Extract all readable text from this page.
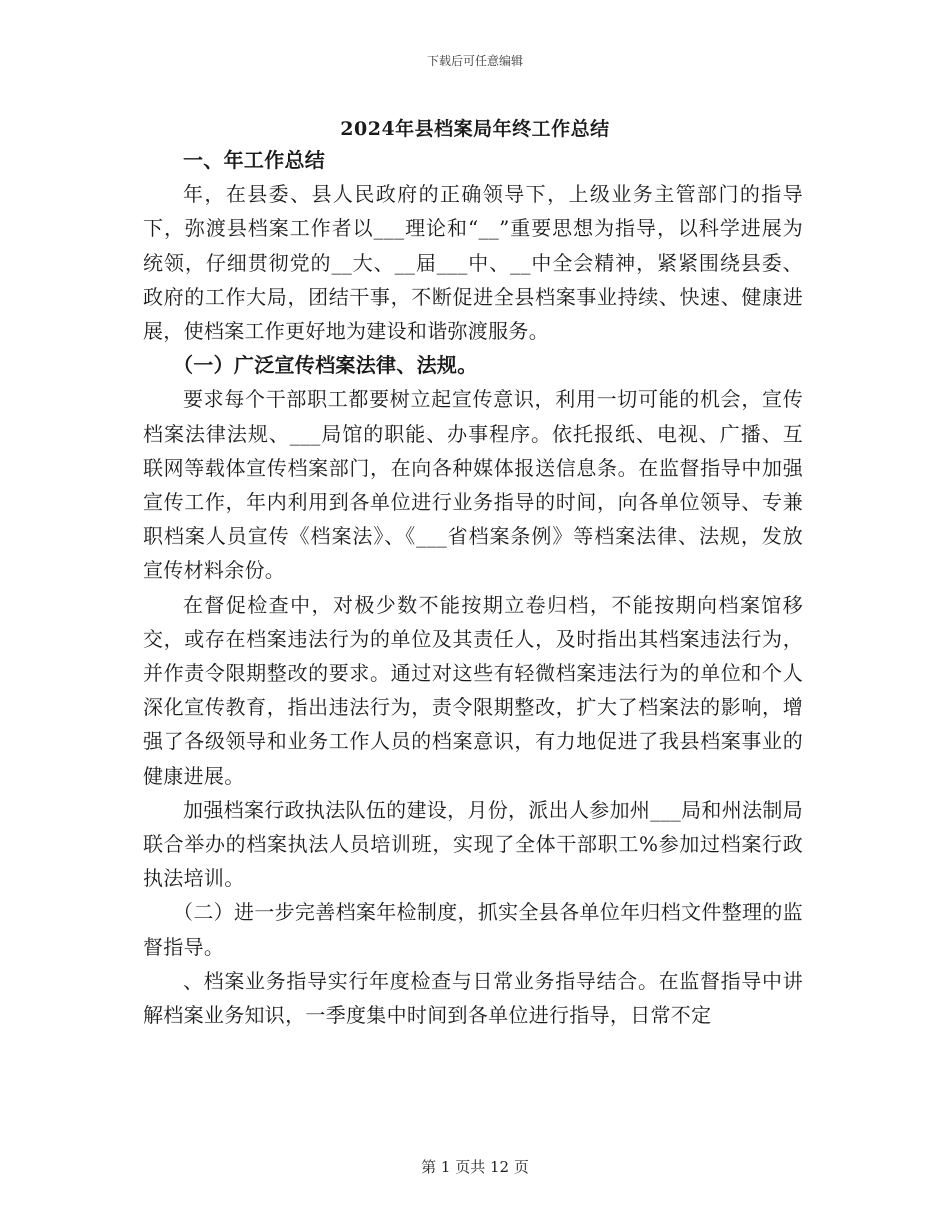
下载后可任意编辑
2024年县档案局年终工作总结

一、年工作总结

年，在县委、县人民政府的正确领导下，上级业务主管部门的指导下，弥渡县档案工作者以___理论和“__”重要思想为指导，以科学进展为统领，仔细贯彻党的__大、__届___中、__中全会精神，紧紧围绕县委、政府的工作大局，团结干事，不断促进全县档案事业持续、快速、健康进展，使档案工作更好地为建设和谐弥渡服务。

（一）广泛宣传档案法律、法规。

要求每个干部职工都要树立起宣传意识，利用一切可能的机会，宣传档案法律法规、___局馆的职能、办事程序。依托报纸、电视、广播、互联网等载体宣传档案部门，在向各种媒体报送信息条。在监督指导中加强宣传工作，年内利用到各单位进行业务指导的时间，向各单位领导、专兼职档案人员宣传《档案法》、《___省档案条例》等档案法律、法规，发放宣传材料余份。

在督促检查中，对极少数不能按期立卷归档，不能按期向档案馆移交，或存在档案违法行为的单位及其责任人，及时指出其档案违法行为，并作责令限期整改的要求。通过对这些有轻微档案违法行为的单位和个人深化宣传教育，指出违法行为，责令限期整改，扩大了档案法的影响，增强了各级领导和业务工作人员的档案意识，有力地促进了我县档案事业的健康进展。

加强档案行政执法队伍的建设，月份，派出人参加州___局和州法制局联合举办的档案执法人员培训班，实现了全体干部职工%参加过档案行政执法培训。

（二）进一步完善档案年检制度，抓实全县各单位年归档文件整理的监督指导。

、档案业务指导实行年度检查与日常业务指导结合。在监督指导中讲解档案业务知识，一季度集中时间到各单位进行指导，日常不定

第 1 页共 12 页
